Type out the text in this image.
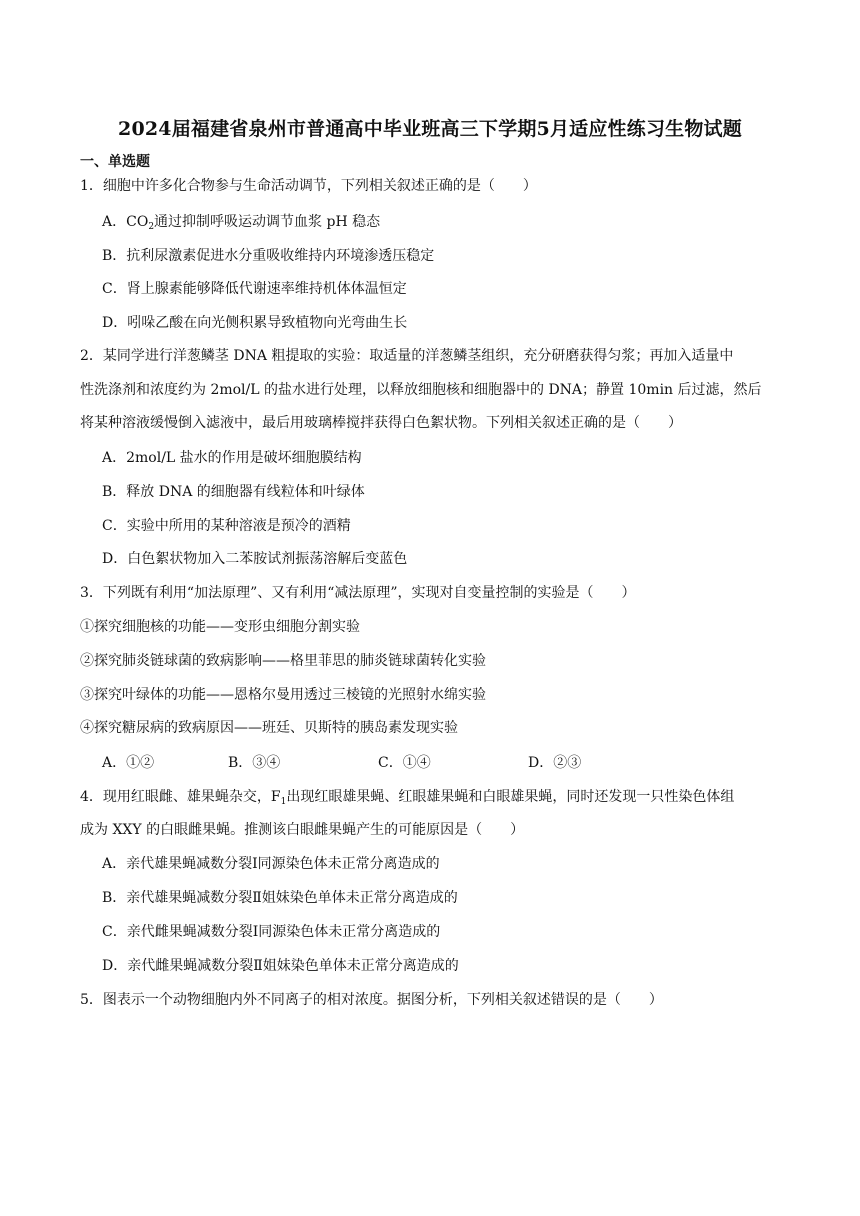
2024届福建省泉州市普通高中毕业班高三下学期5月适应性练习生物试题
一、单选题
1．细胞中许多化合物参与生命活动调节，下列相关叙述正确的是（　　）
A．$CO_2$通过抑制呼吸运动调节血浆 pH 稳态
B．抗利尿激素促进水分重吸收维持内环境渗透压稳定
C．肾上腺素能够降低代谢速率维持机体体温恒定
D．吲哚乙酸在向光侧积累导致植物向光弯曲生长
2．某同学进行洋葱鳞茎 DNA 粗提取的实验：取适量的洋葱鳞茎组织，充分研磨获得匀浆；再加入适量中
性洗涤剂和浓度约为 2mol/L 的盐水进行处理，以释放细胞核和细胞器中的 DNA；静置 10min 后过滤，然后
将某种溶液缓慢倒入滤液中，最后用玻璃棒搅拌获得白色絮状物。下列相关叙述正确的是（　　）
A．2mol/L 盐水的作用是破坏细胞膜结构
B．释放 DNA 的细胞器有线粒体和叶绿体
C．实验中所用的某种溶液是预冷的酒精
D．白色絮状物加入二苯胺试剂振荡溶解后变蓝色
3．下列既有利用“加法原理”、又有利用“减法原理”，实现对自变量控制的实验是（　　）
①探究细胞核的功能——变形虫细胞分割实验
②探究肺炎链球菌的致病影响——格里菲思的肺炎链球菌转化实验
③探究叶绿体的功能——恩格尔曼用透过三棱镜的光照射水绵实验
④探究糖尿病的致病原因——班廷、贝斯特的胰岛素发现实验
A．①②	B．③④	C．①④	D．②③
4．现用红眼雌、雄果蝇杂交，$F_1$出现红眼雄果蝇、红眼雄果蝇和白眼雄果蝇，同时还发现一只性染色体组
成为 XXY 的白眼雌果蝇。推测该白眼雌果蝇产生的可能原因是（　　）
A．亲代雄果蝇减数分裂Ⅰ同源染色体未正常分离造成的
B．亲代雄果蝇减数分裂Ⅱ姐妹染色单体未正常分离造成的
C．亲代雌果蝇减数分裂Ⅰ同源染色体未正常分离造成的
D．亲代雌果蝇减数分裂Ⅱ姐妹染色单体未正常分离造成的
5．图表示一个动物细胞内外不同离子的相对浓度。据图分析，下列相关叙述错误的是（　　）
